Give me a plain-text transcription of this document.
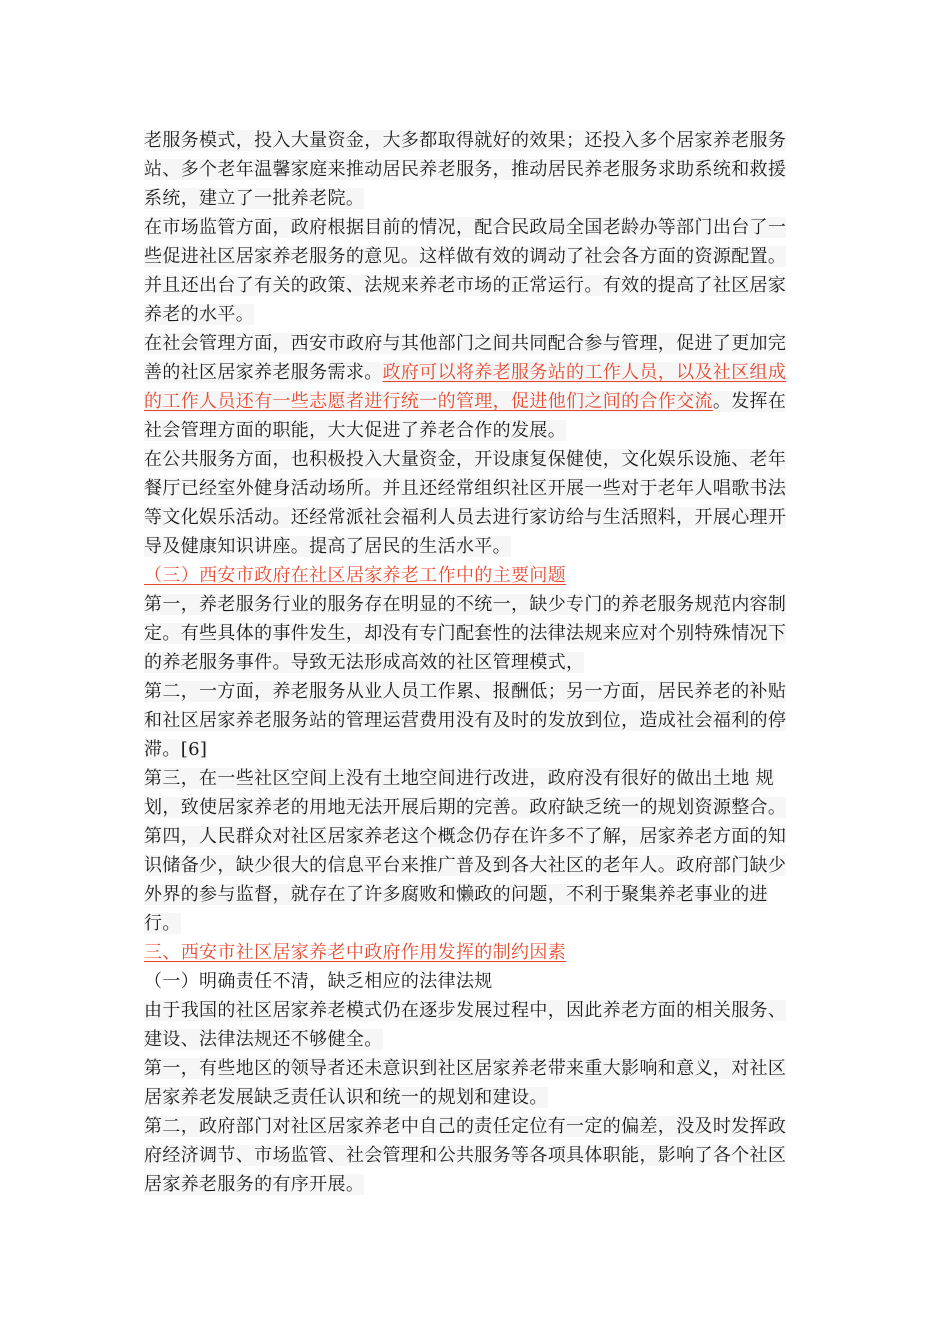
老服务模式，投入大量资金，大多都取得就好的效果；还投入多个居家养老服务站、多个老年温馨家庭来推动居民养老服务，推动居民养老服务求助系统和救援系统，建立了一批养老院。

在市场监管方面，政府根据目前的情况，配合民政局全国老龄办等部门出台了一些促进社区居家养老服务的意见。这样做有效的调动了社会各方面的资源配置。并且还出台了有关的政策、法规来养老市场的正常运行。有效的提高了社区居家养老的水平。

在社会管理方面，西安市政府与其他部门之间共同配合参与管理，促进了更加完善的社区居家养老服务需求。政府可以将养老服务站的工作人员，以及社区组成的工作人员还有一些志愿者进行统一的管理，促进他们之间的合作交流。发挥在社会管理方面的职能，大大促进了养老合作的发展。

在公共服务方面，也积极投入大量资金，开设康复保健使，文化娱乐设施、老年餐厅已经室外健身活动场所。并且还经常组织社区开展一些对于老年人唱歌书法等文化娱乐活动。还经常派社会福利人员去进行家访给与生活照料，开展心理开导及健康知识讲座。提高了居民的生活水平。

（三）西安市政府在社区居家养老工作中的主要问题

第一，养老服务行业的服务存在明显的不统一，缺少专门的养老服务规范内容制定。有些具体的事件发生，却没有专门配套性的法律法规来应对个别特殊情况下的养老服务事件。导致无法形成高效的社区管理模式，

第二，一方面，养老服务从业人员工作累、报酬低；另一方面，居民养老的补贴和社区居家养老服务站的管理运营费用没有及时的发放到位，造成社会福利的停滞。[6]

第三，在一些社区空间上没有土地空间进行改进，政府没有很好的做出土地 规划，致使居家养老的用地无法开展后期的完善。政府缺乏统一的规划资源整合。

第四，人民群众对社区居家养老这个概念仍存在许多不了解，居家养老方面的知识储备少，缺少很大的信息平台来推广普及到各大社区的老年人。政府部门缺少外界的参与监督，就存在了许多腐败和懒政的问题，不利于聚集养老事业的进行。

三、西安市社区居家养老中政府作用发挥的制约因素

（一）明确责任不清，缺乏相应的法律法规

由于我国的社区居家养老模式仍在逐步发展过程中，因此养老方面的相关服务、建设、法律法规还不够健全。

第一，有些地区的领导者还未意识到社区居家养老带来重大影响和意义，对社区居家养老发展缺乏责任认识和统一的规划和建设。

第二，政府部门对社区居家养老中自己的责任定位有一定的偏差，没及时发挥政府经济调节、市场监管、社会管理和公共服务等各项具体职能，影响了各个社区居家养老服务的有序开展。
